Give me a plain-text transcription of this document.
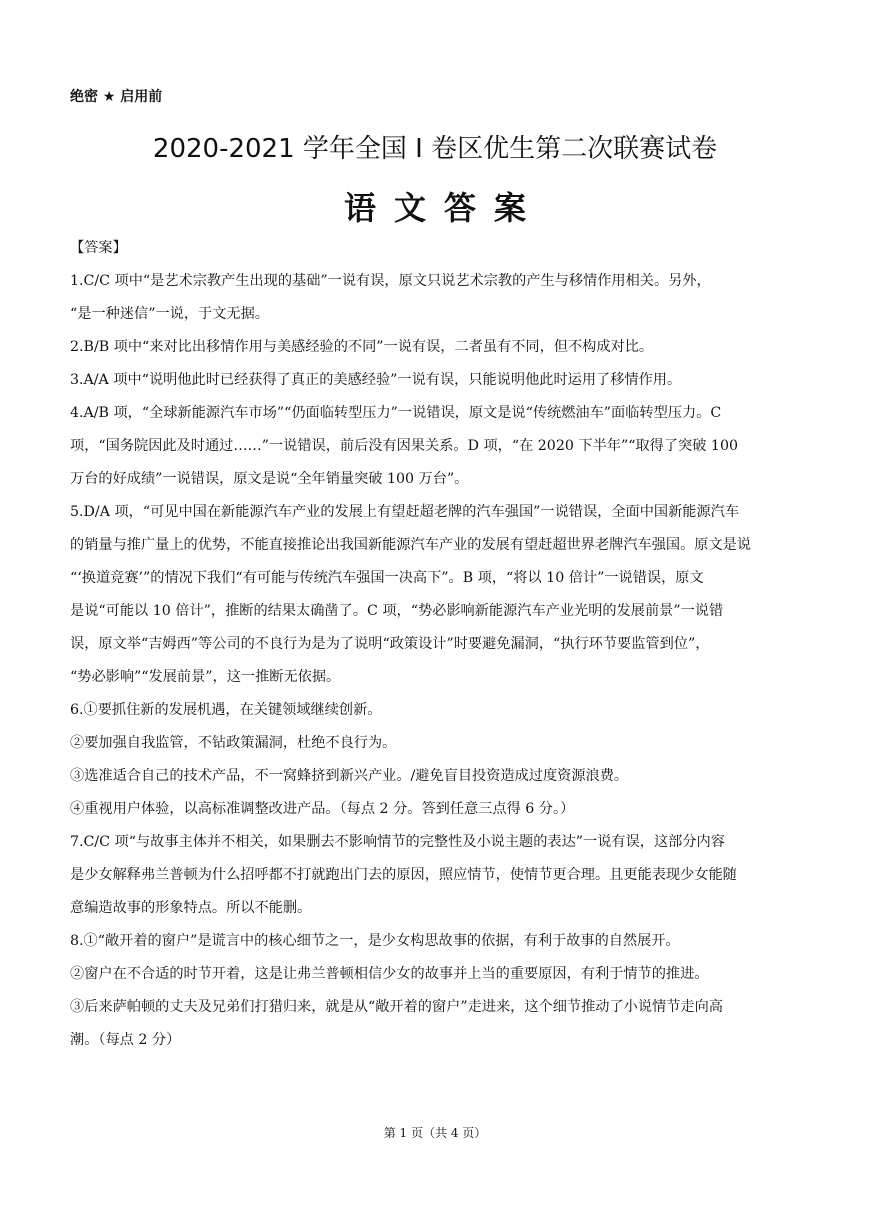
绝密 ★ 启用前
2020-2021 学年全国 I 卷区优生第二次联赛试卷
语文答案
【答案】
1.C/C 项中“是艺术宗教产生出现的基础”一说有误，原文只说艺术宗教的产生与移情作用相关。另外，
“是一种迷信”一说，于文无据。
2.B/B 项中“来对比出移情作用与美感经验的不同”一说有误，二者虽有不同，但不构成对比。
3.A/A 项中“说明他此时已经获得了真正的美感经验”一说有误，只能说明他此时运用了移情作用。
4.A/B 项，“全球新能源汽车市场”“仍面临转型压力”一说错误，原文是说“传统燃油车”面临转型压力。C
项，“国务院因此及时通过……”一说错误，前后没有因果关系。D 项，“在 2020 下半年”“取得了突破 100
万台的好成绩”一说错误，原文是说“全年销量突破 100 万台”。
5.D/A 项，“可见中国在新能源汽车产业的发展上有望赶超老牌的汽车强国”一说错误，全面中国新能源汽车
的销量与推广量上的优势，不能直接推论出我国新能源汽车产业的发展有望赶超世界老牌汽车强国。原文是说
“‘换道竞赛’”的情况下我们“有可能与传统汽车强国一决高下”。B 项，“将以 10 倍计”一说错误，原文
是说“可能以 10 倍计”，推断的结果太确凿了。C 项，“势必影响新能源汽车产业光明的发展前景”一说错
误，原文举“吉姆西”等公司的不良行为是为了说明“政策设计”时要避免漏洞，“执行环节要监管到位”，
“势必影响”“发展前景”，这一推断无依据。
6.①要抓住新的发展机遇，在关键领域继续创新。
②要加强自我监管，不钻政策漏洞，杜绝不良行为。
③选准适合自己的技术产品，不一窝蜂挤到新兴产业。/避免盲目投资造成过度资源浪费。
④重视用户体验，以高标准调整改进产品。（每点 2 分。答到任意三点得 6 分。）
7.C/C 项“与故事主体并不相关，如果删去不影响情节的完整性及小说主题的表达”一说有误，这部分内容
是少女解释弗兰普顿为什么招呼都不打就跑出门去的原因，照应情节，使情节更合理。且更能表现少女能随
意编造故事的形象特点。所以不能删。
8.①“敞开着的窗户”是谎言中的核心细节之一，是少女构思故事的依据，有利于故事的自然展开。
②窗户在不合适的时节开着，这是让弗兰普顿相信少女的故事并上当的重要原因，有利于情节的推进。
③后来萨帕顿的丈夫及兄弟们打猎归来，就是从“敞开着的窗户”走进来，这个细节推动了小说情节走向高
潮。（每点 2 分）
第 1 页（共 4 页）
